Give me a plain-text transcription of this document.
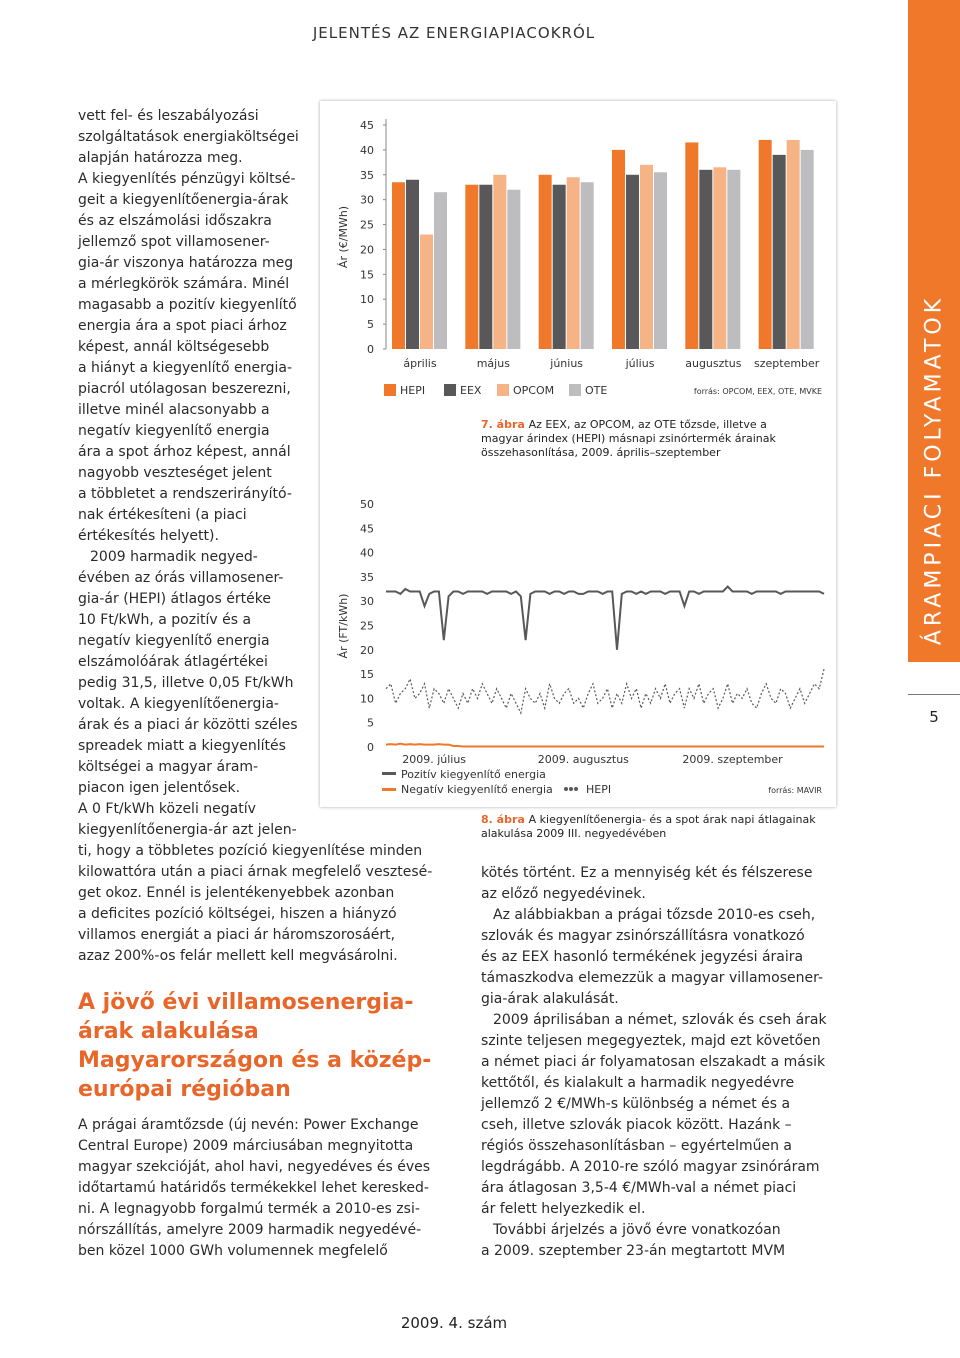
JELENTÉS AZ ENERGIAPIACOKRÓL
ÁRAMPIACI FOLYAMATOK
5

vett fel- és leszabályozási

szolgáltatások energiaköltségei

alapján határozza meg.

A kiegyenlítés pénzügyi költsé-

geit a kiegyenlítőenergia-árak

és az elszámolási időszakra

jellemző spot villamosener-

gia-ár viszonya határozza meg

a mérlegkörök számára. Minél

magasabb a pozitív kiegyenlítő

energia ára a spot piaci árhoz

képest, annál költségesebb

a hiányt a kiegyenlítő energia-

piacról utólagosan beszerezni,

illetve minél alacsonyabb a

negatív kiegyenlítő energia

ára a spot árhoz képest, annál

nagyobb veszteséget jelent

a többletet a rendszerirányító-

nak értékesíteni (a piaci

értékesítés helyett).

2009 harmadik negyed-

évében az órás villamosener-

gia-ár (HEPI) átlagos értéke

10 Ft/kWh, a pozitív és a

negatív kiegyenlítő energia

elszámolóárak átlagértékei

pedig 31,5, illetve 0,05 Ft/kWh

voltak. A kiegyenlítőenergia-

árak és a piaci ár közötti széles

spreadek miatt a kiegyenlítés

költségei a magyar áram-

piacon igen jelentősek.

A 0 Ft/kWh közeli negatív

kiegyenlítőenergia-ár azt jelen-

ti, hogy a többletes pozíció kiegyenlítése minden

kilowattóra után a piaci árnak megfelelő vesztesé-

get okoz. Ennél is jelentékenyebbek azonban

a deficites pozíció költségei, hiszen a hiányzó

villamos energiát a piaci ár háromszorosáért,

azaz 200%-os felár mellett kell megvásárolni.

A jövő évi villamosenergia-
árak alakulása
Magyarországon és a közép-
európai régióban

A prágai áramtőzsde (új nevén: Power Exchange

Central Europe) 2009 márciusában megnyitotta

magyar szekcióját, ahol havi, negyedéves és éves

időtartamú határidős termékekkel lehet keresked-

ni. A legnagyobb forgalmú termék a 2010-es zsi-

nórszállítás, amelyre 2009 harmadik negyedévé-

ben közel 1000 GWh volumennek megfelelő

kötés történt. Ez a mennyiség két és félszerese

az előző negyedévinek.

Az alábbiakban a prágai tőzsde 2010-es cseh,

szlovák és magyar zsinórszállításra vonatkozó

és az EEX hasonló termékének jegyzési áraira

támaszkodva elemezzük a magyar villamosener-

gia-árak alakulását.

2009 áprilisában a német, szlovák és cseh árak

szinte teljesen megegyeztek, majd ezt követően

a német piaci ár folyamatosan elszakadt a másik

kettőtől, és kialakult a harmadik negyedévre

jellemző 2 €/MWh-s különbség a német és a

cseh, illetve szlovák piacok között. Hazánk –

régiós összehasonlításban – egyértelműen a

legdrágább. A 2010-re szóló magyar zsinóráram

ára átlagosan 3,5-4 €/MWh-val a német piaci

ár felett helyezkedik el.

További árjelzés a jövő évre vonatkozóan

a 2009. szeptember 23-án megtartott MVM

0
5
10
15
20
25
30
35
40
45
Ár (€/MWh)
április	május	június	július	augusztus szeptember
HEPI	EEX	OPCOM	OTE	forrás: OPCOM, EEX, OTE, MVKE
0
5
10
15
20
25
30
35
40
45
50
Ár (FT/kWh)
2009. július	2009. augusztus	2009. szeptember
Pozitív kiegyenlítő energia
Negatív kiegyenlítő energia	HEPI	forrás: MAVIR

7. ábra Az EEX, az OPCOM, az OTE tőzsde, illetve a
magyar árindex (HEPI) másnapi zsinórtermék árainak
összehasonlítása, 2009. április–szeptember

8. ábra A kiegyenlítőenergia- és a spot árak napi átlagainak
alakulása 2009 III. negyedévében

2009. 4. szám
